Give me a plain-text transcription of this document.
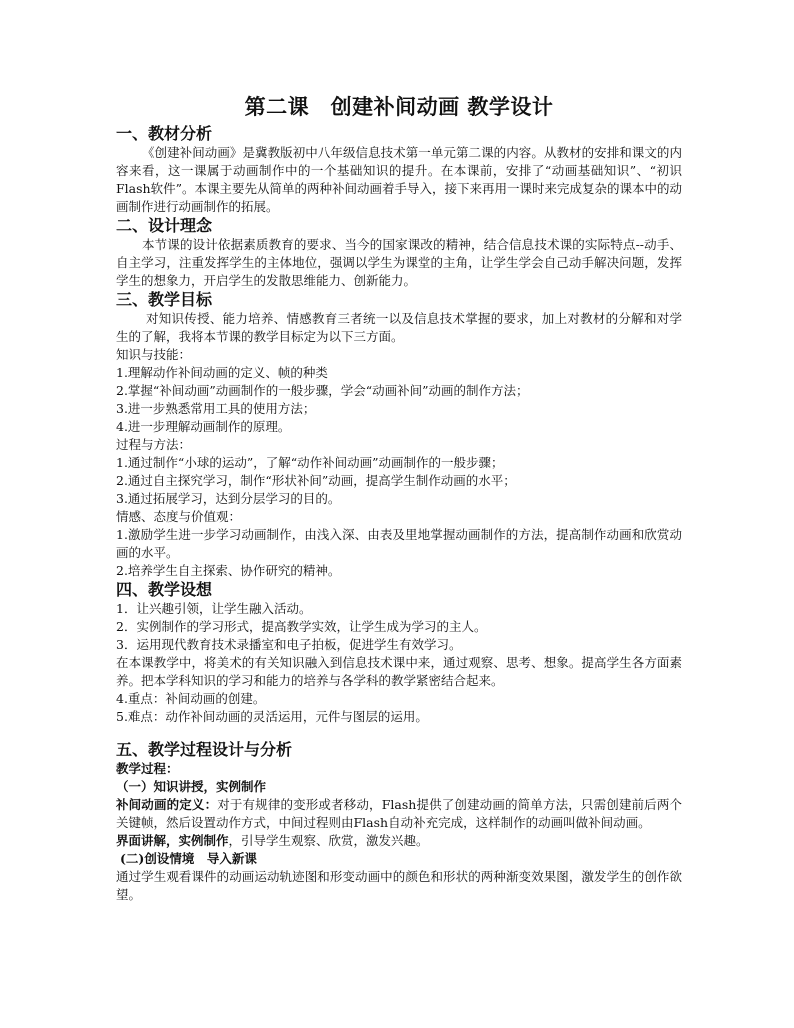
第二课　创建补间动画 教学设计
一、教材分析

《创建补间动画》是冀教版初中八年级信息技术第一单元第二课的内容。从教材的安排和课文的内容来看，这一课属于动画制作中的一个基础知识的提升。在本课前，安排了“动画基础知识”、“初识 Flash软件”。本课主要先从简单的两种补间动画着手导入，接下来再用一课时来完成复杂的课本中的动画制作进行动画制作的拓展。

二、设计理念

本节课的设计依据素质教育的要求、当今的国家课改的精神，结合信息技术课的实际特点--动手、自主学习，注重发挥学生的主体地位，强调以学生为课堂的主角，让学生学会自己动手解决问题，发挥学生的想象力，开启学生的发散思维能力、创新能力。

三、教学目标

对知识传授、能力培养、情感教育三者统一以及信息技术掌握的要求，加上对教材的分解和对学生的了解，我将本节课的教学目标定为以下三方面。

知识与技能：

1.理解动作补间动画的定义、帧的种类

2.掌握“补间动画”动画制作的一般步骤，学会“动画补间”动画的制作方法；

3.进一步熟悉常用工具的使用方法；

4.进一步理解动画制作的原理。

过程与方法：

1.通过制作“小球的运动”，了解“动作补间动画”动画制作的一般步骤；

2.通过自主探究学习，制作“形状补间”动画，提高学生制作动画的水平；

3.通过拓展学习，达到分层学习的目的。

情感、态度与价值观：

1.激励学生进一步学习动画制作，由浅入深、由表及里地掌握动画制作的方法，提高制作动画和欣赏动画的水平。

2.培养学生自主探索、协作研究的精神。

四、教学设想

1．让兴趣引领，让学生融入活动。

2．实例制作的学习形式，提高教学实效，让学生成为学习的主人。

3．运用现代教育技术录播室和电子拍板，促进学生有效学习。

在本课教学中，将美术的有关知识融入到信息技术课中来，通过观察、思考、想象。提高学生各方面素养。把本学科知识的学习和能力的培养与各学科的教学紧密结合起来。

4.重点：补间动画的创建。

5.难点：动作补间动画的灵活运用，元件与图层的运用。

五、教学过程设计与分析

教学过程：

（一）知识讲授，实例制作

补间动画的定义：对于有规律的变形或者移动，Flash提供了创建动画的简单方法，只需创建前后两个关键帧，然后设置动作方式，中间过程则由Flash自动补充完成，这样制作的动画叫做补间动画。

界面讲解，实例制作，引导学生观察、欣赏，激发兴趣。

(二)创设情境　导入新课

通过学生观看课件的动画运动轨迹图和形变动画中的颜色和形状的两种渐变效果图，激发学生的创作欲望。
